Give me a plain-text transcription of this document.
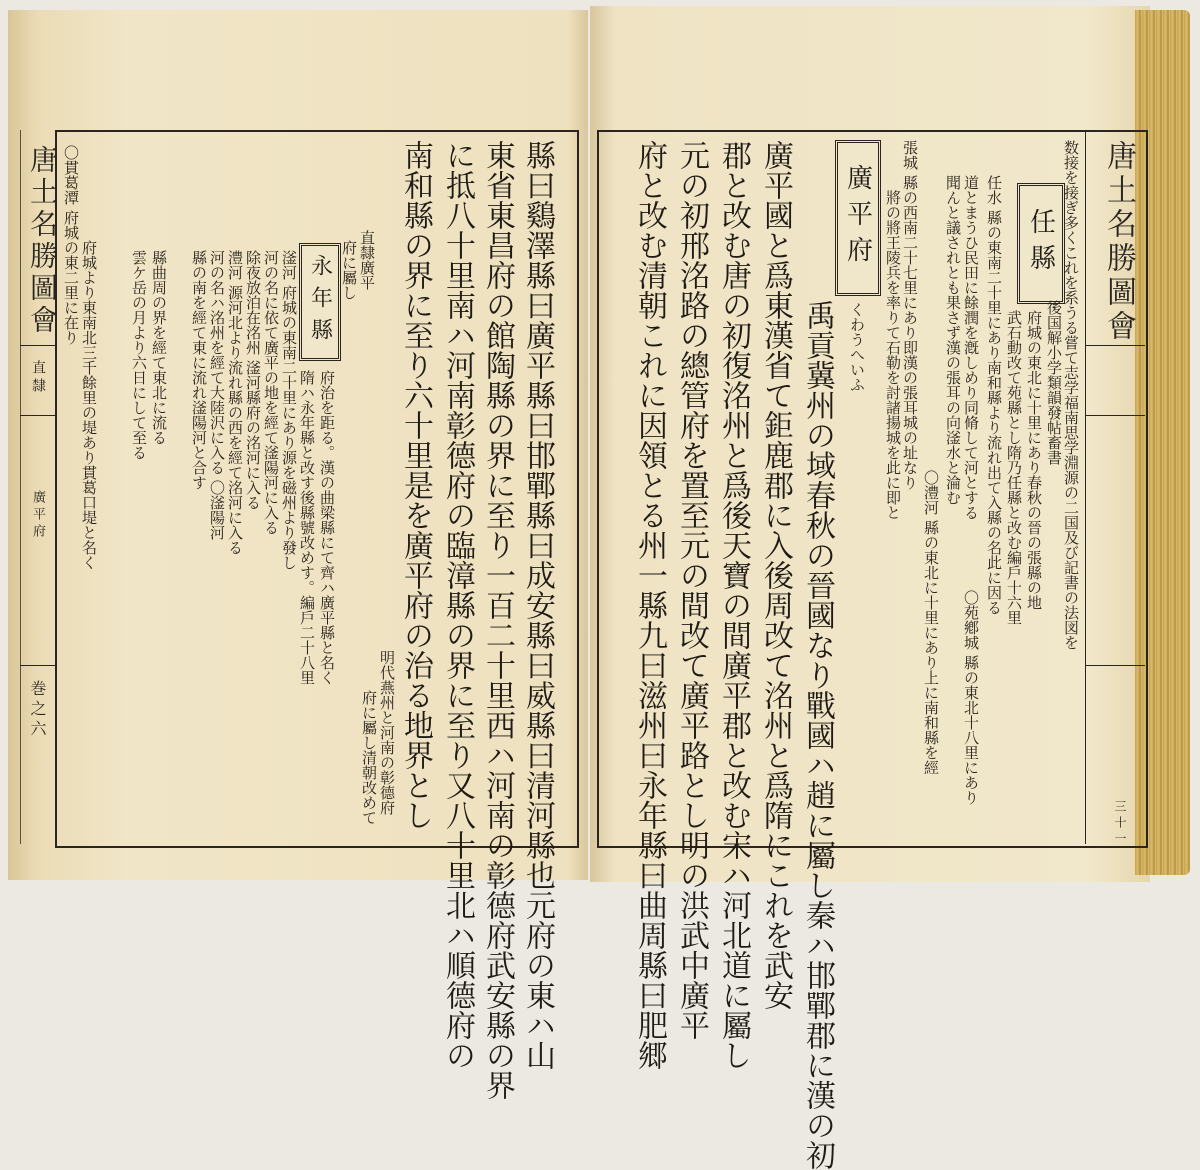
唐土名勝圖會
直隸
廣平府
巻之六
唐土名勝圖會
三十一
任縣
廣平府
くわうへいふ
永年縣	縣曰鷄澤縣曰廣平縣曰邯鄲縣曰成安縣曰威縣曰清河縣也元府の東ハ山
東省東昌府の館陶縣の界に至り一百二十里西ハ河南の彰德府武安縣の界
に抵八十里南ハ河南彰德府の臨漳縣の界に至り又八十里北ハ順德府の
南和縣の界に至り六十里是を廣平府の治る地界とし
明代燕州と河南の彰德府
府に屬し清朝改めて
直隸廣平
府に屬し
府治を距る。漢の曲梁縣にて齊ハ廣平縣と名く
隋ハ永年縣と改す後縣號改めす。編戶二十八里
滏河 府城の東南二十里にあり源を磁州より發し
河の名に依て廣平の地を經て滏陽河に入る
除夜放泊在洺州 滏河縣府の洺河に入る
澧河 源河北より流れ縣の西を經て洺河に入る
河の名ハ洺州を經て大陸沢に入る 〇滏陽河
縣の南を經て東に流れ滏陽河と合す
縣曲周の界を經て東北に流る
雲ケ岳の月より六日にして至る
〇貫葛潭 府城の東二里に在り 府城より東南北三千餘里の堤あり貫葛口堤と名く	数接を接ぎ多くこれを系うる嘗て志学福南思学淵源の二国及び記書の法図を
後国解小学類韻發帖畜書
府城の東北に十里にあり春秋の晉の張縣の地
武石動改て苑縣とし隋乃任縣と改む編戶十六里
任水 縣の東南二十里にあり南和縣より流れ出て入縣の名此に因る
道とまうひ民田に餘潤を漑しめり同脩して河とする
聞んと議されとも果さず漢の張耳の向滏水と淪む
張城 縣の西南二十七里にあり即漢の張耳城の址なり
將の將王陵兵を率りて石勒を討諸揚城を此に即と
〇澧河 縣の東北に十里にあり上に南和縣を經 〇苑鄕城 縣の東北十八里にあり
禹貢冀州の域春秋の晉國なり戰國ハ趙に屬し秦ハ邯鄲郡に漢の初
廣平國と爲東漢省て鉅鹿郡に入後周改て洺州と爲隋にこれを武安
郡と改む唐の初復洺州と爲後天寶の間廣平郡と改む宋ハ河北道に屬し
元の初邢洺路の總管府を置至元の間改て廣平路とし明の洪武中廣平
府と改む清朝これに因領とる州一縣九曰滋州曰永年縣曰曲周縣曰肥郷
